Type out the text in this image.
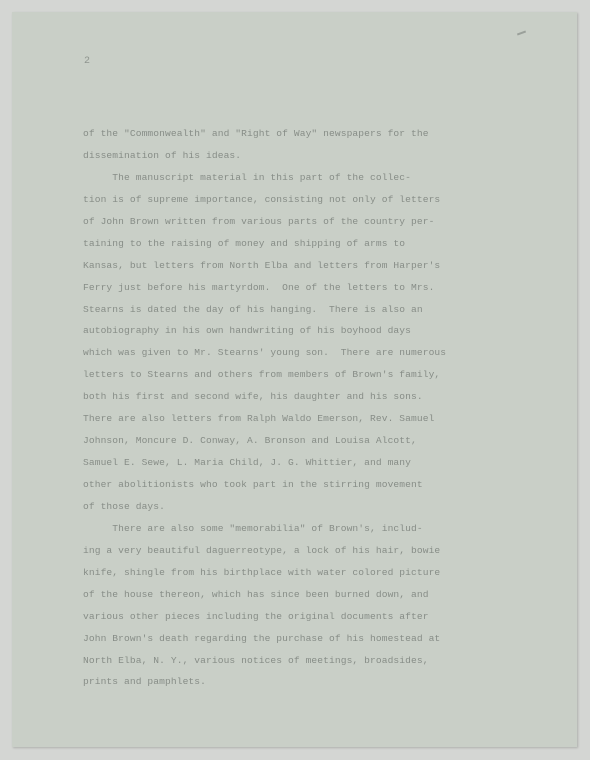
2
of the "Commonwealth" and "Right of Way" newspapers for the
dissemination of his ideas.
The manuscript material in this part of the collec-
tion is of supreme importance, consisting not only of letters
of John Brown written from various parts of the country per-
taining to the raising of money and shipping of arms to
Kansas, but letters from North Elba and letters from Harper's
Ferry just before his martyrdom.  One of the letters to Mrs.
Stearns is dated the day of his hanging.  There is also an
autobiography in his own handwriting of his boyhood days
which was given to Mr. Stearns' young son.  There are numerous
letters to Stearns and others from members of Brown's family,
both his first and second wife, his daughter and his sons.
There are also letters from Ralph Waldo Emerson, Rev. Samuel
Johnson, Moncure D. Conway, A. Bronson and Louisa Alcott,
Samuel E. Sewe, L. Maria Child, J. G. Whittier, and many
other abolitionists who took part in the stirring movement
of those days.
There are also some "memorabilia" of Brown's, includ-
ing a very beautiful daguerreotype, a lock of his hair, bowie
knife, shingle from his birthplace with water colored picture
of the house thereon, which has since been burned down, and
various other pieces including the original documents after
John Brown's death regarding the purchase of his homestead at
North Elba, N. Y., various notices of meetings, broadsides,
prints and pamphlets.
